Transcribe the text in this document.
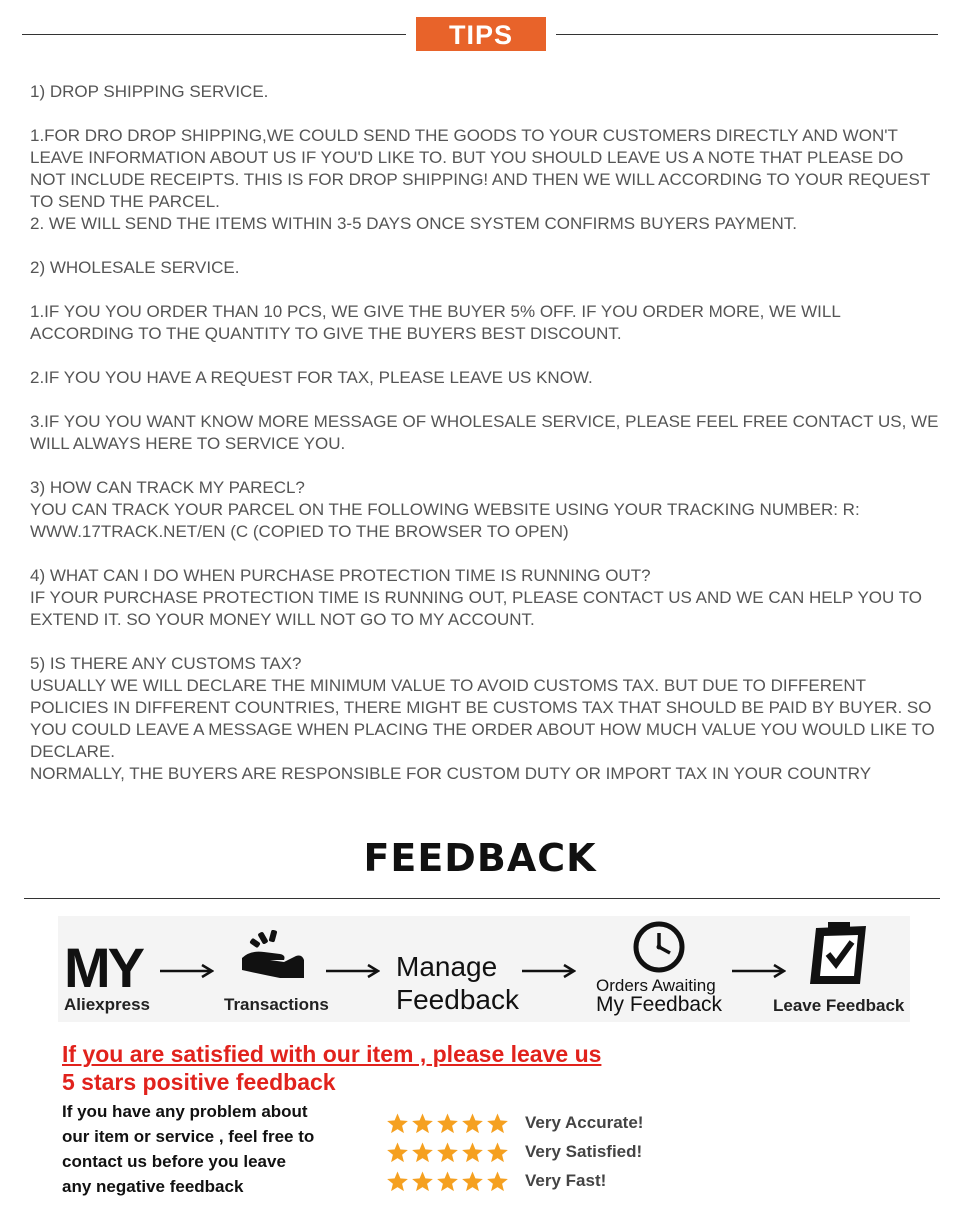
TIPS

1) DROP SHIPPING SERVICE.

1.FOR DRO DROP SHIPPING,WE COULD SEND THE GOODS TO YOUR CUSTOMERS DIRECTLY AND WON'T LEAVE INFORMATION ABOUT US IF YOU'D LIKE TO. BUT YOU SHOULD LEAVE US A NOTE THAT PLEASE DO NOT INCLUDE RECEIPTS. THIS IS FOR DROP SHIPPING! AND THEN WE WILL ACCORDING TO YOUR REQUEST TO SEND THE PARCEL.

2. WE WILL SEND THE ITEMS WITHIN 3-5 DAYS ONCE SYSTEM CONFIRMS BUYERS PAYMENT.

2) WHOLESALE SERVICE.

1.IF YOU YOU ORDER THAN 10 PCS, WE GIVE THE BUYER 5% OFF. IF YOU ORDER MORE, WE WILL ACCORDING TO THE QUANTITY TO GIVE THE BUYERS BEST DISCOUNT.

2.IF YOU YOU HAVE A REQUEST FOR TAX, PLEASE LEAVE US KNOW.

3.IF YOU YOU WANT KNOW MORE MESSAGE OF WHOLESALE SERVICE, PLEASE FEEL FREE CONTACT US, WE WILL ALWAYS HERE TO SERVICE YOU.

3) HOW CAN TRACK MY PARECL?

YOU CAN TRACK YOUR PARCEL ON THE FOLLOWING WEBSITE USING YOUR TRACKING NUMBER: R: WWW.17TRACK.NET/EN (C (COPIED TO THE BROWSER TO OPEN)

4) WHAT CAN I DO WHEN PURCHASE PROTECTION TIME IS RUNNING OUT?

IF YOUR PURCHASE PROTECTION TIME IS RUNNING OUT, PLEASE CONTACT US AND WE CAN HELP YOU TO EXTEND IT. SO YOUR MONEY WILL NOT GO TO MY ACCOUNT.

5) IS THERE ANY CUSTOMS TAX?

USUALLY WE WILL DECLARE THE MINIMUM VALUE TO AVOID CUSTOMS TAX. BUT DUE TO DIFFERENT POLICIES IN DIFFERENT COUNTRIES, THERE MIGHT BE CUSTOMS TAX THAT SHOULD BE PAID BY BUYER. SO YOU COULD LEAVE A MESSAGE WHEN PLACING THE ORDER ABOUT HOW MUCH VALUE YOU WOULD LIKE TO DECLARE.

NORMALLY, THE BUYERS ARE RESPONSIBLE FOR CUSTOM DUTY OR IMPORT TAX IN YOUR COUNTRY

FEEDBACK
MY
Aliexpress	Transactions
Manage
Feedback	Orders Awaiting
My Feedback	Leave Feedback
If you are satisfied with our item , please leave us
5 stars positive feedback
If you have any problem about
our item or service , feel free to
contact us before you leave
any negative feedback
Very Accurate!
Very Satisfied!
Very Fast!
